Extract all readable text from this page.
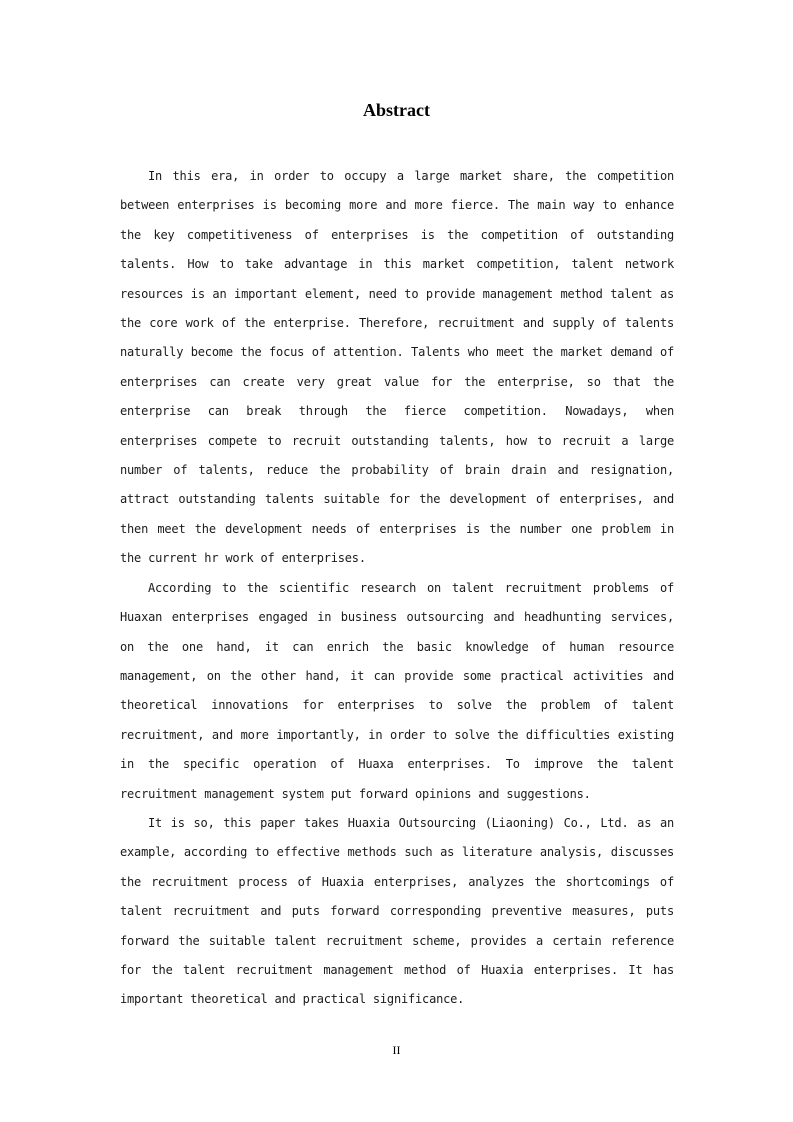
Abstract

In this era, in order to occupy a large market share, the competition between enterprises is becoming more and more fierce. The main way to enhance the key competitiveness of enterprises is the competition of outstanding talents. How to take advantage in this market competition, talent network resources is an important element, need to provide management method talent as the core work of the enterprise. Therefore, recruitment and supply of talents naturally become the focus of attention. Talents who meet the market demand of enterprises can create very great value for the enterprise, so that the enterprise can break through the fierce competition. Nowadays, when enterprises compete to recruit outstanding talents, how to recruit a large number of talents, reduce the probability of brain drain and resignation, attract outstanding talents suitable for the development of enterprises, and then meet the development needs of enterprises is the number one problem in the current hr work of enterprises.

According to the scientific research on talent recruitment problems of Huaxan enterprises engaged in business outsourcing and headhunting services, on the one hand, it can enrich the basic knowledge of human resource management, on the other hand, it can provide some practical activities and theoretical innovations for enterprises to solve the problem of talent recruitment, and more importantly, in order to solve the difficulties existing in the specific operation of Huaxa enterprises. To improve the talent recruitment management system put forward opinions and suggestions.

It is so, this paper takes Huaxia Outsourcing (Liaoning) Co., Ltd. as an example, according to effective methods such as literature analysis, discusses the recruitment process of Huaxia enterprises, analyzes the shortcomings of talent recruitment and puts forward corresponding preventive measures, puts forward the suitable talent recruitment scheme, provides a certain reference for the talent recruitment management method of Huaxia enterprises. It has important theoretical and practical significance.

II
